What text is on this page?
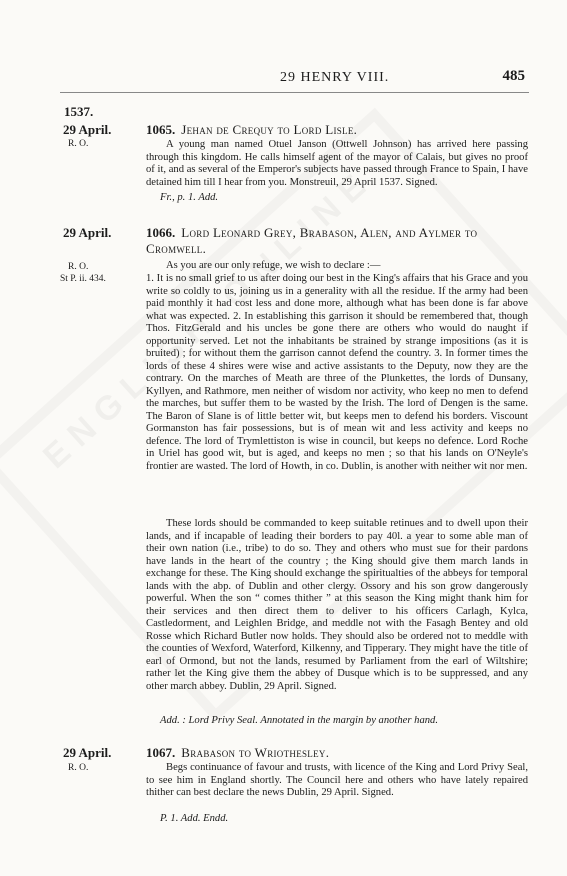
29 HENRY VIII.	485
1537.
29 April.
R. O.
1065. Jehan de Crequy to Lord Lisle.
A young man named Otuel Janson (Ottwell Johnson) has arrived here passing through this kingdom. He calls himself agent of the mayor of Calais, but gives no proof of it, and as several of the Emperor's subjects have passed through France to Spain, I have detained him till I hear from you. Monstreuil, 29 April 1537. Signed.
Fr., p. 1. Add.
29 April.
R. O.
St P. ii. 434.
1066. Lord Leonard Grey, Brabason, Alen, and Aylmer to Cromwell.
As you are our only refuge, we wish to declare :—
1. It is no small grief to us after doing our best in the King's affairs that his Grace and you write so coldly to us, joining us in a generality with all the residue. If the army had been paid monthly it had cost less and done more, although what has been done is far above what was expected. 2. In establishing this garrison it should be remembered that, though Thos. FitzGerald and his uncles be gone there are others who would do naught if opportunity served. Let not the inhabitants be strained by strange impositions (as it is bruited) ; for without them the garrison cannot defend the country. 3. In former times the lords of these 4 shires were wise and active assistants to the Deputy, now they are the contrary. On the marches of Meath are three of the Plunkettes, the lords of Dunsany, Kyllyen, and Rathmore, men neither of wisdom nor activity, who keep no men to defend the marches, but suffer them to be wasted by the Irish. The lord of Dengen is the same. The Baron of Slane is of little better wit, but keeps men to defend his borders. Viscount Gormanston has fair possessions, but is of mean wit and less activity and keeps no defence. The lord of Trymlettiston is wise in council, but keeps no defence. Lord Roche in Uriel has good wit, but is aged, and keeps no men ; so that his lands on O'Neyle's frontier are wasted. The lord of Howth, in co. Dublin, is another with neither wit nor men.
These lords should be commanded to keep suitable retinues and to dwell upon their lands, and if incapable of leading their borders to pay 40l. a year to some able man of their own nation (i.e., tribe) to do so. They and others who must sue for their pardons have lands in the heart of the country ; the King should give them march lands in exchange for these. The King should exchange the spiritualties of the abbeys for temporal lands with the abp. of Dublin and other clergy. Ossory and his son grow dangerously powerful. When the son “ comes thither ” at this season the King might thank him for their services and then direct them to deliver to his officers Carlagh, Kylca, Castledorment, and Leighlen Bridge, and meddle not with the Fasagh Bentey and old Rosse which Richard Butler now holds. They should also be ordered not to meddle with the counties of Wexford, Waterford, Kilkenny, and Tipperary. They might have the title of earl of Ormond, but not the lands, resumed by Parliament from the earl of Wiltshire; rather let the King give them the abbey of Dusque which is to be suppressed, and any other march abbey. Dublin, 29 April. Signed.
Add. : Lord Privy Seal. Annotated in the margin by another hand.
29 April.
R. O.
1067. Brabason to Wriothesley.
Begs continuance of favour and trusts, with licence of the King and Lord Privy Seal, to see him in England shortly. The Council here and others who have lately repaired thither can best declare the news Dublin, 29 April. Signed.
P. 1. Add. Endd.
